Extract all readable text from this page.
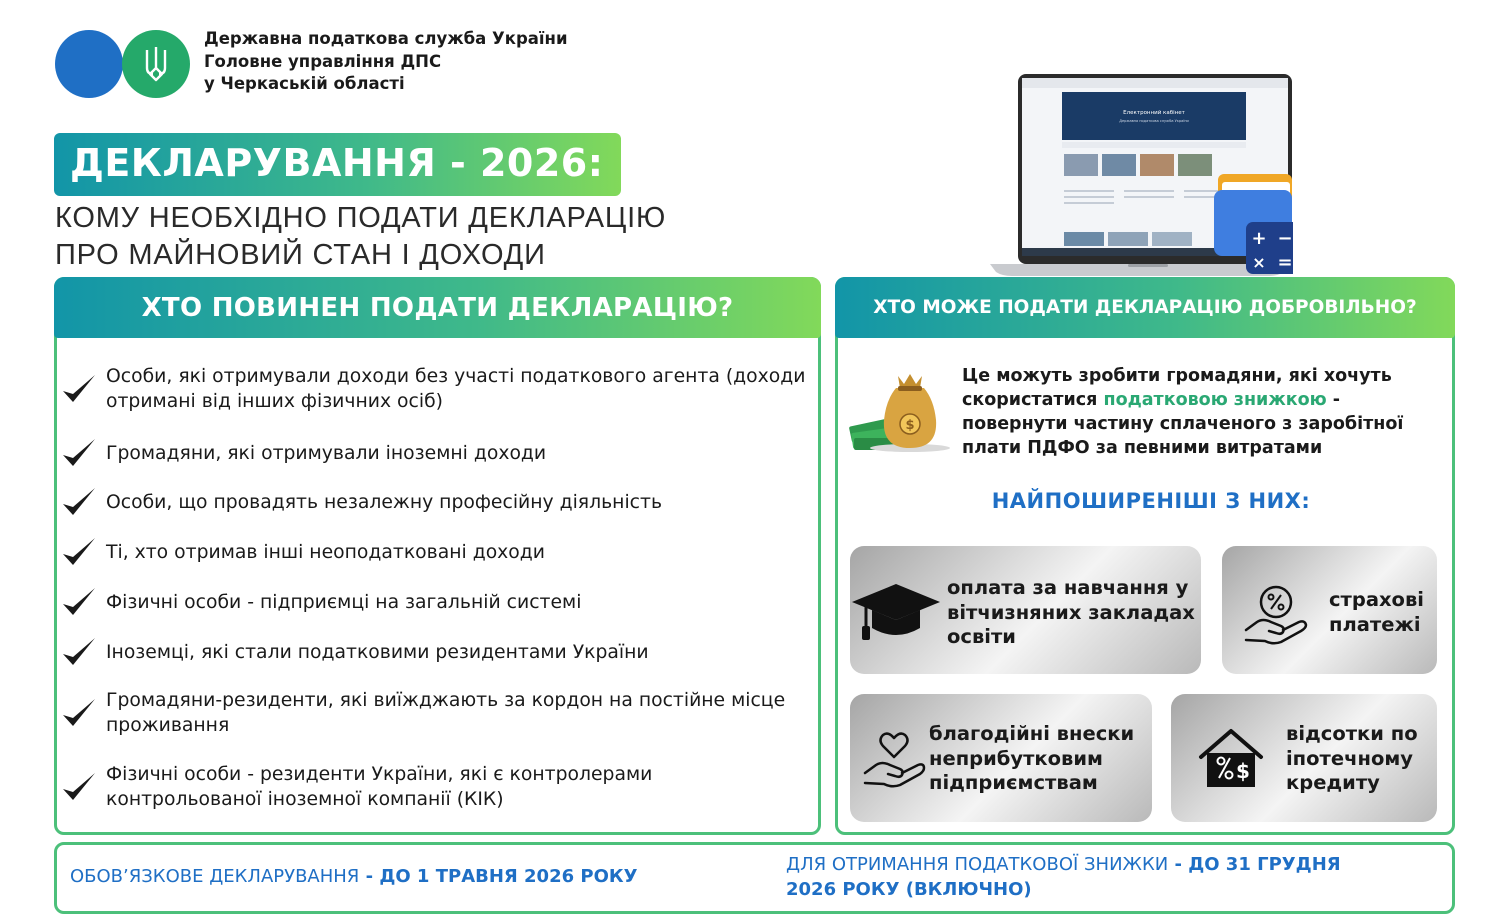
Державна податкова служба України
Головне управління ДПС
у Черкаській області
ДЕКЛАРУВАННЯ - 2026:
КОМУ НЕОБХІДНО ПОДАТИ ДЕКЛАРАЦІЮ
ПРО МАЙНОВИЙ СТАН І ДОХОДИ
Електронний кабінет
Державна податкова служба України
+ −
× =
ХТО ПОВИНЕН ПОДАТИ ДЕКЛАРАЦІЮ?
Особи, які отримували доходи без участі податкового агента (доходи отримані від інших фізичних осіб)
Громадяни, які отримували іноземні доходи
Особи, що провадять незалежну професійну діяльність
Ті, хто отримав інші неоподатковані доходи
Фізичні особи - підприємці на загальній системі
Іноземці, які стали податковими резидентами України
Громадяни-резиденти, які виїжджають за кордон на постійне місце проживання
Фізичні особи - резиденти України, які є контролерами контрольованої іноземної компанії (КІК)
ХТО МОЖЕ ПОДАТИ ДЕКЛАРАЦІЮ ДОБРОВІЛЬНО?
$
Це можуть зробити громадяни, які хочуть скористатися податковою знижкою - повернути частину сплаченого з заробітної плати ПДФО за певними витратами
НАЙПОШИРЕНІШІ З НИХ:
оплата за навчання у вітчизняних закладах освіти
страхові платежі
благодійні внески неприбутковим підприємствам	$
відсотки по іпотечному кредиту
ОБОВ’ЯЗКОВЕ ДЕКЛАРУВАННЯ - ДО 1 ТРАВНЯ 2026 РОКУ
ДЛЯ ОТРИМАННЯ ПОДАТКОВОЇ ЗНИЖКИ - ДО 31 ГРУДНЯ
2026 РОКУ (ВКЛЮЧНО)
